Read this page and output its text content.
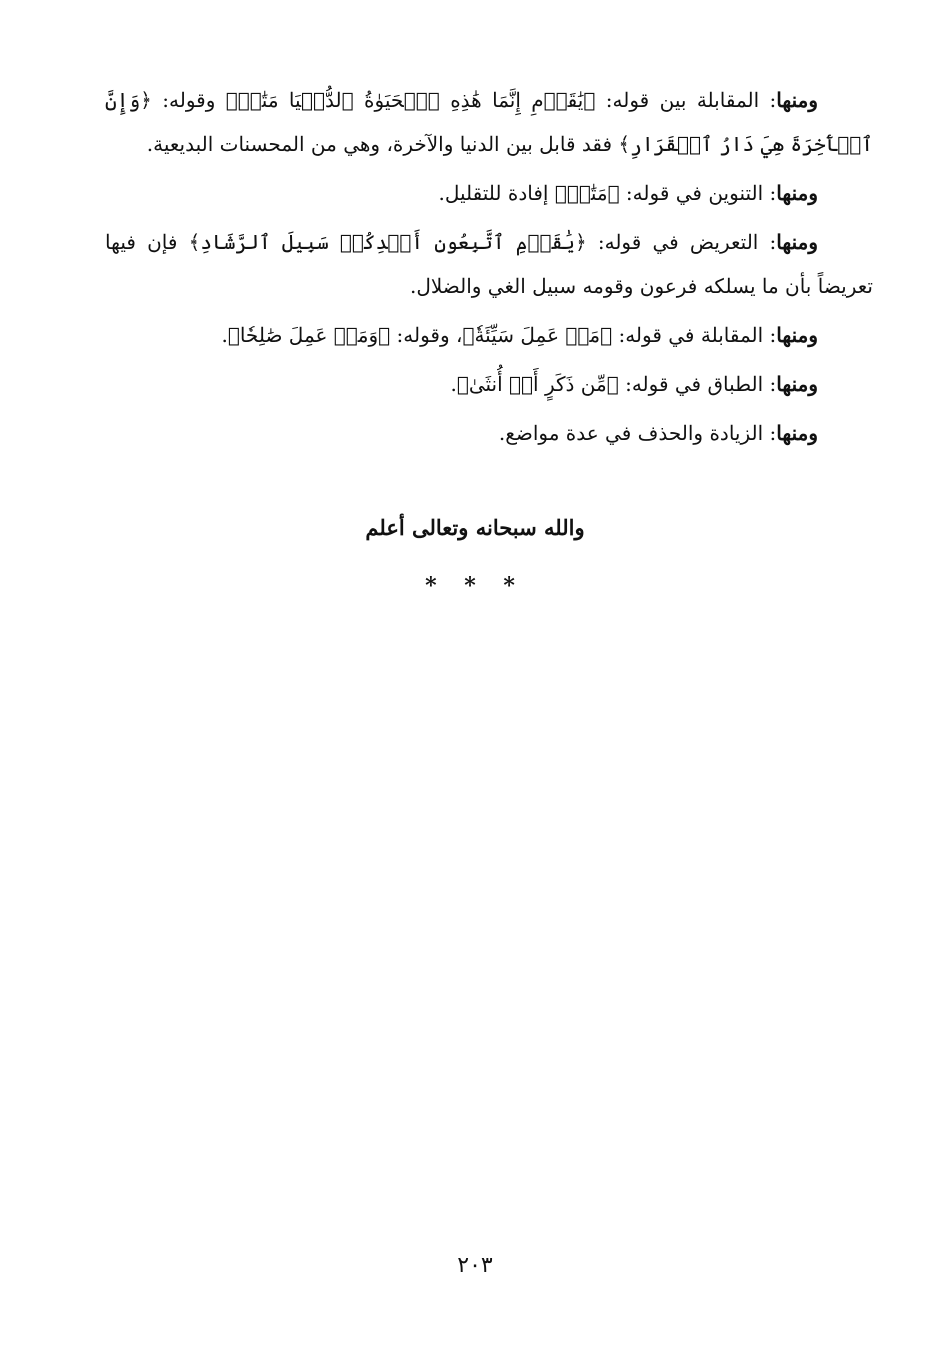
ومنها: المقابلة بين قوله: ﴿يَٰقَوۡمِ إِنَّمَا هَٰذِهِ ٱلۡحَيَوٰةُ ٱلدُّنۡيَا مَتَٰعٞ﴾ وقوله: ﴿وَإِنَّ ٱلۡأٓخِرَةَ هِيَ دَارُ ٱلۡقَرَارِ﴾ فقد قابل بين الدنيا والآخرة، وهي من المحسنات البديعية.

ومنها: التنوين في قوله: ﴿مَتَٰعٞ﴾ إفادة للتقليل.

ومنها: التعريض في قوله: ﴿يَٰقَوۡمِ ٱتَّبِعُونِ أَهۡدِكُمۡ سَبِيلَ ٱلرَّشَادِ﴾ فإن فيها تعريضاً بأن ما يسلكه فرعون وقومه سبيل الغي والضلال.

ومنها: المقابلة في قوله: ﴿مَنۡ عَمِلَ سَيِّئَةٗ﴾، وقوله: ﴿وَمَنۡ عَمِلَ صَٰلِحٗا﴾.

ومنها: الطباق في قوله: ﴿مِّن ذَكَرٍ أَوۡ أُنثَىٰ﴾.

ومنها: الزيادة والحذف في عدة مواضع.

والله سبحانه وتعالى أعلم
* * *
٢٠٣
